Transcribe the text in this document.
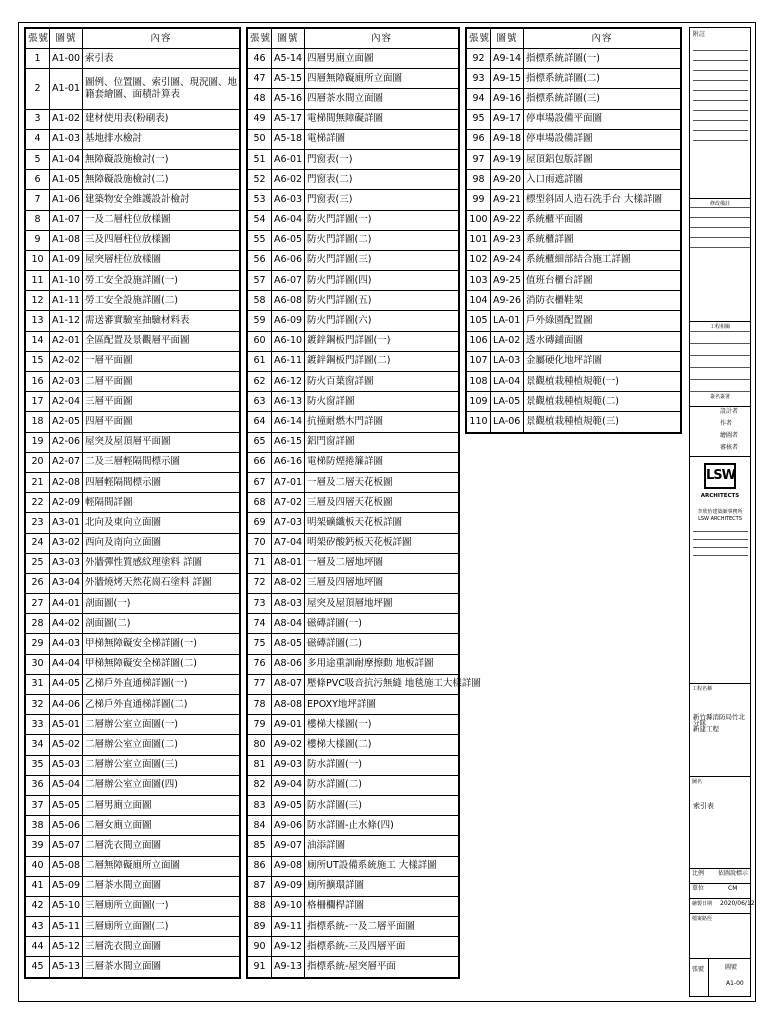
張號	圖號	內容
1	A1-00	索引表
2	A1-01	圖例、位置圖、索引圖、現況圖、地籍套繪圖、面積計算表
3	A1-02	建材使用表(粉刷表)
4	A1-03	基地排水檢討
5	A1-04	無障礙設施檢討(一)
6	A1-05	無障礙設施檢討(二)
7	A1-06	建築物安全維護設計檢討
8	A1-07	一及二層柱位放樣圖
9	A1-08	三及四層柱位放樣圖
10	A1-09	屋突層柱位放樣圖
11	A1-10	勞工安全設施詳圖(一)
12	A1-11	勞工安全設施詳圖(二)
13	A1-12	需送審實驗室抽驗材料表
14	A2-01	全區配置及景觀層平面圖
15	A2-02	一層平面圖
16	A2-03	二層平面圖
17	A2-04	三層平面圖
18	A2-05	四層平面圖
19	A2-06	屋突及屋頂層平面圖
20	A2-07	二及三層輕隔間標示圖
21	A2-08	四層輕隔間標示圖
22	A2-09	輕隔間詳圖
23	A3-01	北向及東向立面圖
24	A3-02	西向及南向立面圖
25	A3-03	外牆彈性質感紋理塗料 詳圖
26	A3-04	外牆燒烤天然花崗石塗料 詳圖
27	A4-01	剖面圖(一)
28	A4-02	剖面圖(二)
29	A4-03	甲梯無障礙安全梯詳圖(一)
30	A4-04	甲梯無障礙安全梯詳圖(二)
31	A4-05	乙梯戶外直通梯詳圖(一)
32	A4-06	乙梯戶外直通梯詳圖(二)
33	A5-01	二層辦公室立面圖(一)
34	A5-02	二層辦公室立面圖(二)
35	A5-03	二層辦公室立面圖(三)
36	A5-04	二層辦公室立面圖(四)
37	A5-05	二層男廁立面圖
38	A5-06	二層女廁立面圖
39	A5-07	二層洗衣間立面圖
40	A5-08	二層無障礙廁所立面圖
41	A5-09	二層茶水間立面圖
42	A5-10	三層廁所立面圖(一)
43	A5-11	三層廁所立面圖(二)
44	A5-12	三層洗衣間立面圖
45	A5-13	三層茶水間立面圖
張號	圖號	內容
46	A5-14	四層男廁立面圖
47	A5-15	四層無障礙廁所立面圖
48	A5-16	四層茶水間立面圖
49	A5-17	電梯間無障礙詳圖
50	A5-18	電梯詳圖
51	A6-01	門窗表(一)
52	A6-02	門窗表(二)
53	A6-03	門窗表(三)
54	A6-04	防火門詳圖(一)
55	A6-05	防火門詳圖(二)
56	A6-06	防火門詳圖(三)
57	A6-07	防火門詳圖(四)
58	A6-08	防火門詳圖(五)
59	A6-09	防火門詳圖(六)
60	A6-10	鍍鋅鋼板門詳圖(一)
61	A6-11	鍍鋅鋼板門詳圖(二)
62	A6-12	防火百葉窗詳圖
63	A6-13	防火窗詳圖
64	A6-14	抗撞耐燃木門詳圖
65	A6-15	鋁門窗詳圖
66	A6-16	電梯防煙捲簾詳圖
67	A7-01	一層及二層天花板圖
68	A7-02	三層及四層天花板圖
69	A7-03	明架礦纖板天花板詳圖
70	A7-04	明架矽酸鈣板天花板詳圖
71	A8-01	一層及二層地坪圖
72	A8-02	三層及四層地坪圖
73	A8-03	屋突及屋頂層地坪圖
74	A8-04	磁磚詳圖(一)
75	A8-05	磁磚詳圖(二)
76	A8-06	多用途重訓耐摩擦動 地板詳圖
77	A8-07	壓條PVC吸音抗污無縫 地毯施工大樣詳圖
78	A8-08	EPOXY地坪詳圖
79	A9-01	樓梯大樣圖(一)
80	A9-02	樓梯大樣圖(二)
81	A9-03	防水詳圖(一)
82	A9-04	防水詳圖(二)
83	A9-05	防水詳圖(三)
84	A9-06	防水詳圖-止水條(四)
85	A9-07	油添詳圖
86	A9-08	廁所UT設備系統施工 大樣詳圖
87	A9-09	廁所擴環詳圖
88	A9-10	格柵欄桿詳圖
89	A9-11	指標系統-一及二層平面圖
90	A9-12	指標系統-三及四層平面
91	A9-13	指標系統-屋突層平面
張號	圖號	內容
92	A9-14	指標系統詳圖(一)
93	A9-15	指標系統詳圖(二)
94	A9-16	指標系統詳圖(三)
95	A9-17	停車場設備平面圖
96	A9-18	停車場設備詳圖
97	A9-19	屋頂鋁包版詳圖
98	A9-20	入口雨遮詳圖
99	A9-21	標型斜固人造石洗手台 大樣詳圖
100	A9-22	系統櫃平面圖
101	A9-23	系統櫃詳圖
102	A9-24	系統櫃細部結合施工詳圖
103	A9-25	值班台櫃台詳圖
104	A9-26	消防衣櫃鞋架
105	LA-01	戶外綠園配置圖
106	LA-02	透水磚鋪面圖
107	LA-03	金屬硬化地坪詳圖
108	LA-04	景觀植栽種植規範(一)
109	LA-05	景觀植栽種植規範(二)
110	LA-06	景觀植栽種植規範(三)
附註
修改備註
工程相關
簽名簽署
設計者
作者
繪圖者
審核者
LSW
ARCHITECTS
李欣怡建築師事務所
LSW ARCHITECTS
工程名稱
新竹縣消防局竹北分隊
新建工程
圖名
索引表
比例 依圖說標示
單位	CM
繪製日期 2020/06/12
檔案路徑
張號	圖號
A1-00
